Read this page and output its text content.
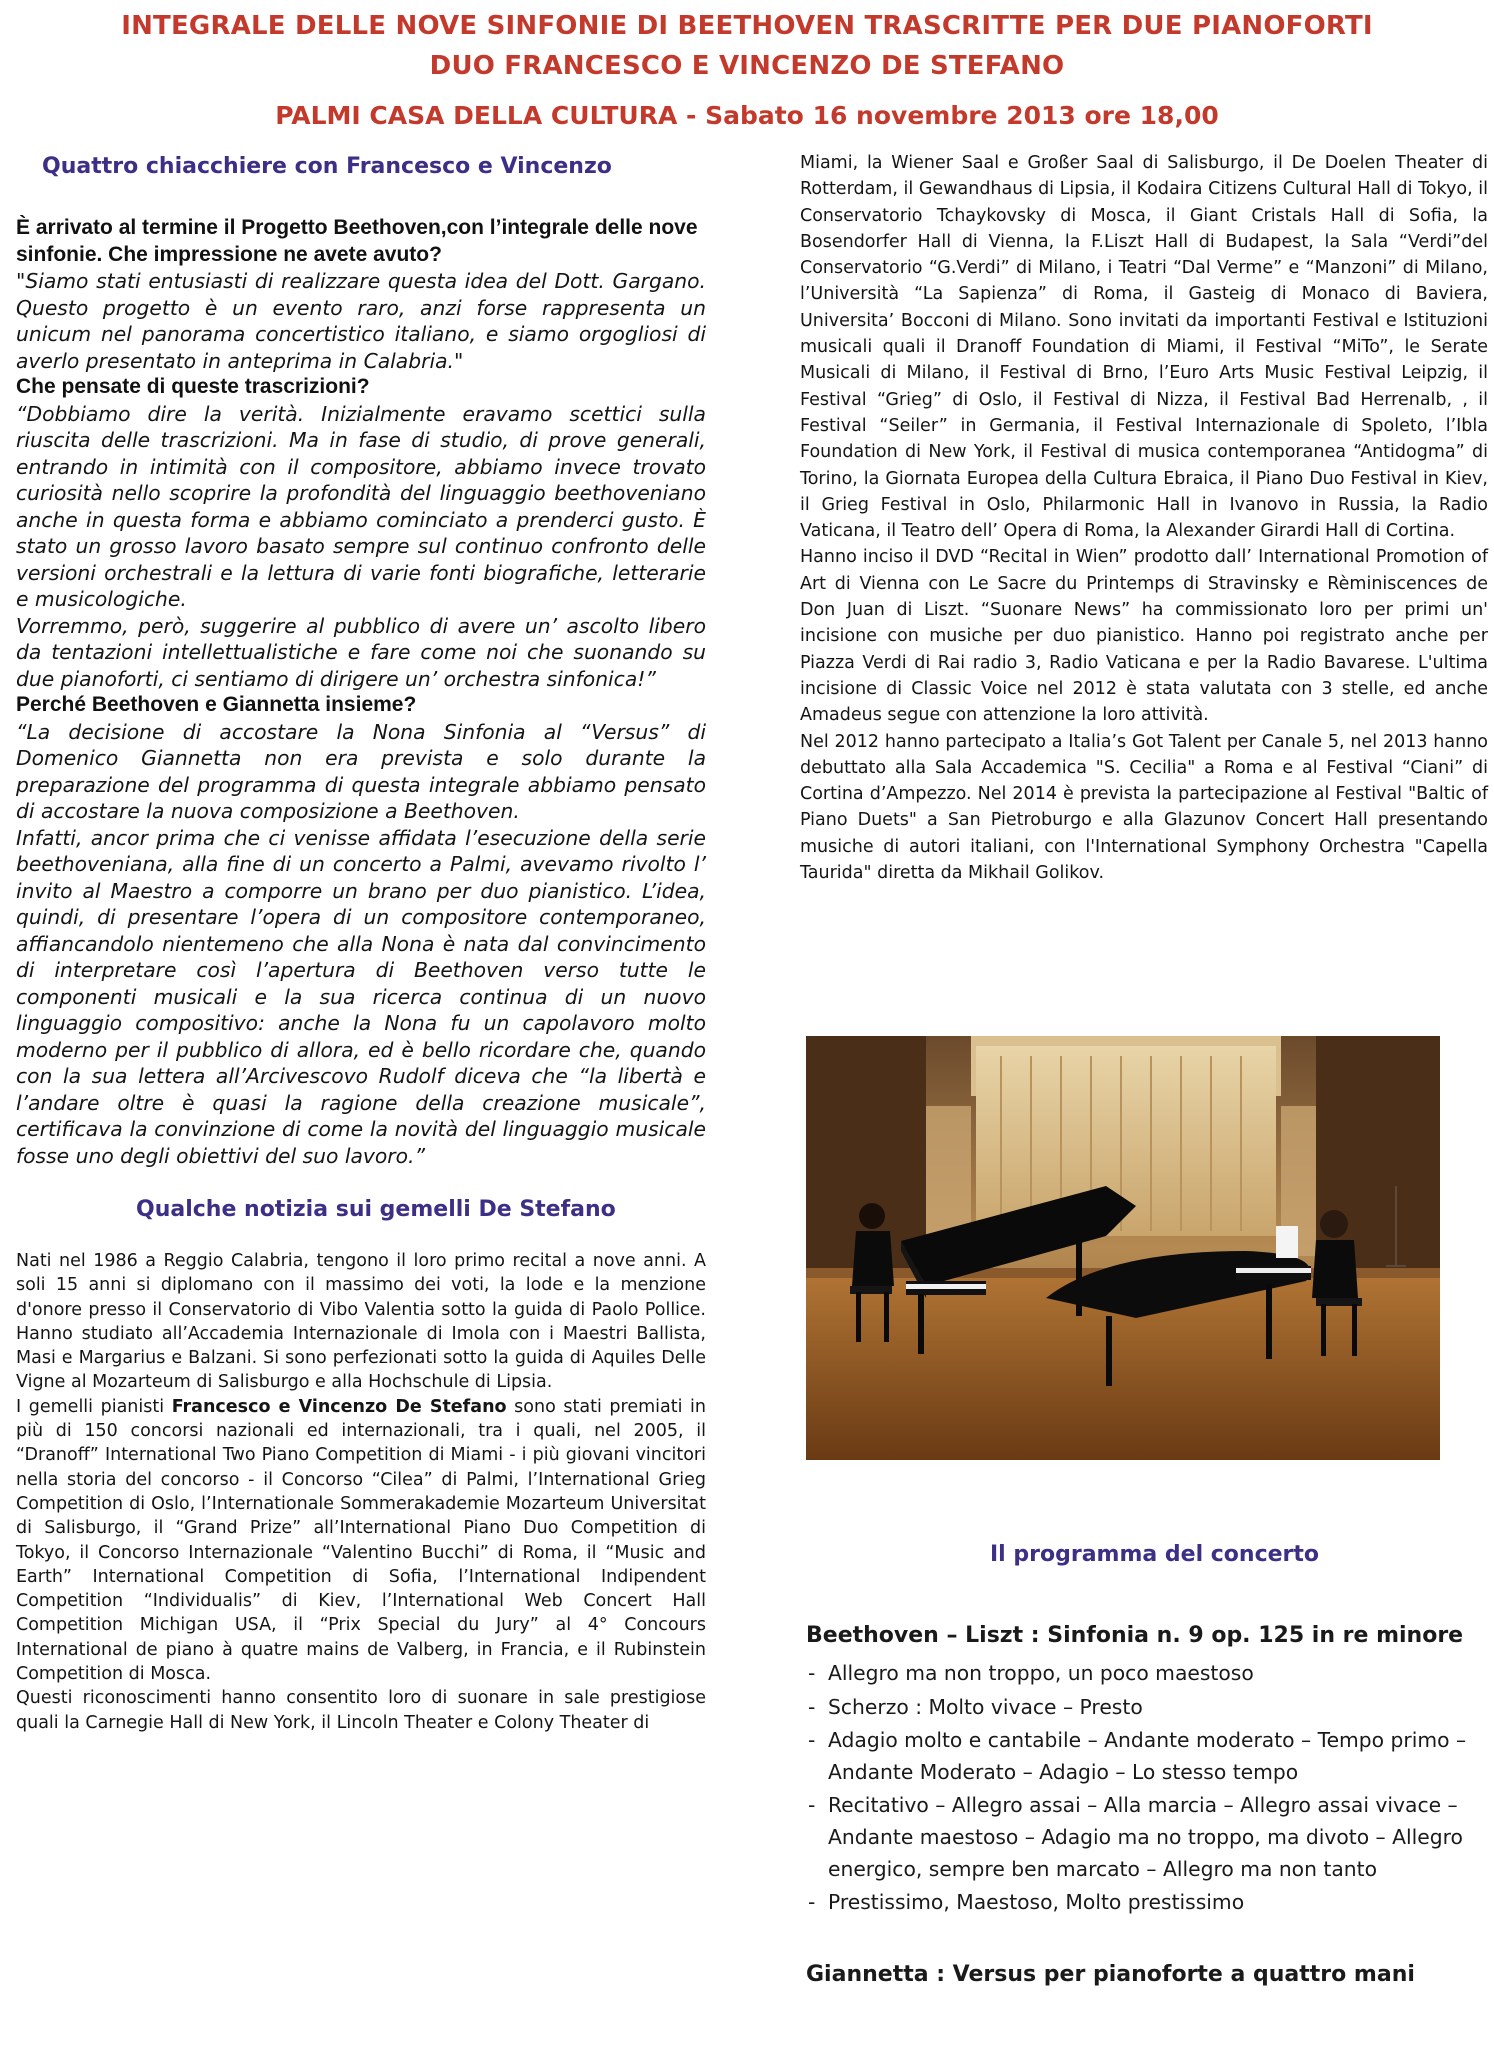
INTEGRALE DELLE NOVE SINFONIE DI BEETHOVEN TRASCRITTE PER DUE PIANOFORTI
DUO FRANCESCO E VINCENZO DE STEFANO
PALMI CASA DELLA CULTURA - Sabato 16 novembre 2013 ore 18,00
Quattro chiacchiere con Francesco e Vincenzo
È arrivato al termine il Progetto Beethoven,con l’integrale delle nove sinfonie. Che impressione ne avete avuto?
"Siamo stati entusiasti di realizzare questa idea del Dott. Gargano. Questo progetto è un evento raro, anzi forse rappresenta un unicum nel panorama concertistico italiano, e siamo orgogliosi di averlo presentato in anteprima in Calabria."
Che pensate di queste trascrizioni?
“Dobbiamo dire la verità. Inizialmente eravamo scettici sulla riuscita delle trascrizioni. Ma in fase di studio, di prove generali, entrando in intimità con il compositore, abbiamo invece trovato curiosità nello scoprire la profondità del linguaggio beethoveniano anche in questa forma e abbiamo cominciato a prenderci gusto. È stato un grosso lavoro basato sempre sul continuo confronto delle versioni orchestrali e la lettura di varie fonti biografiche, letterarie e musicologiche.
Vorremmo, però, suggerire al pubblico di avere un’ ascolto libero da tentazioni intellettualistiche e fare come noi che suonando su due pianoforti, ci sentiamo di dirigere un’ orchestra sinfonica!”
Perché Beethoven e Giannetta insieme?
“La decisione di accostare la Nona Sinfonia al “Versus” di Domenico Giannetta non era prevista e solo durante la preparazione del programma di questa integrale abbiamo pensato di accostare la nuova composizione a Beethoven.
Infatti, ancor prima che ci venisse affidata l’esecuzione della serie beethoveniana, alla fine di un concerto a Palmi, avevamo rivolto l’ invito al Maestro a comporre un brano per duo pianistico. L’idea, quindi, di presentare l’opera di un compositore contemporaneo, affiancandolo nientemeno che alla Nona è nata dal convincimento di interpretare così l’apertura di Beethoven verso tutte le componenti musicali e la sua ricerca continua di un nuovo linguaggio compositivo: anche la Nona fu un capolavoro molto moderno per il pubblico di allora, ed è bello ricordare che, quando con la sua lettera all’Arcivescovo Rudolf diceva che “la libertà e l’andare oltre è quasi la ragione della creazione musicale”, certificava la convinzione di come la novità del linguaggio musicale fosse uno degli obiettivi del suo lavoro.”
Qualche notizia sui gemelli De Stefano
Nati nel 1986 a Reggio Calabria, tengono il loro primo recital a nove anni. A soli 15 anni si diplomano con il massimo dei voti, la lode e la menzione d'onore presso il Conservatorio di Vibo Valentia sotto la guida di Paolo Pollice. Hanno studiato all’Accademia Internazionale di Imola con i Maestri Ballista, Masi e Margarius e Balzani. Si sono perfezionati sotto la guida di Aquiles Delle Vigne al Mozarteum di Salisburgo e alla Hochschule di Lipsia.
I gemelli pianisti Francesco e Vincenzo De Stefano sono stati premiati in più di 150 concorsi nazionali ed internazionali, tra i quali, nel 2005, il “Dranoff” International Two Piano Competition di Miami - i più giovani vincitori nella storia del concorso - il Concorso “Cilea” di Palmi, l’International Grieg Competition di Oslo, l’Internationale Sommerakademie Mozarteum Universitat di Salisburgo, il “Grand Prize” all’International Piano Duo Competition di Tokyo, il Concorso Internazionale “Valentino Bucchi” di Roma, il “Music and Earth” International Competition di Sofia, l’International Indipendent Competition “Individualis” di Kiev, l’International Web Concert Hall Competition Michigan USA, il “Prix Special du Jury” al 4° Concours International de piano à quatre mains de Valberg, in Francia, e il Rubinstein Competition di Mosca.
Questi riconoscimenti hanno consentito loro di suonare in sale prestigiose quali la Carnegie Hall di New York, il Lincoln Theater e Colony Theater di
Miami, la Wiener Saal e Großer Saal di Salisburgo, il De Doelen Theater di Rotterdam, il Gewandhaus di Lipsia, il Kodaira Citizens Cultural Hall di Tokyo, il Conservatorio Tchaykovsky di Mosca, il Giant Cristals Hall di Sofia, la Bosendorfer Hall di Vienna, la F.Liszt Hall di Budapest, la Sala “Verdi”del Conservatorio “G.Verdi” di Milano, i Teatri “Dal Verme” e “Manzoni” di Milano, l’Università “La Sapienza” di Roma, il Gasteig di Monaco di Baviera, Universita’ Bocconi di Milano. Sono invitati da importanti Festival e Istituzioni musicali quali il Dranoff Foundation di Miami, il Festival “MiTo”, le Serate Musicali di Milano, il Festival di Brno, l’Euro Arts Music Festival Leipzig, il Festival “Grieg” di Oslo, il Festival di Nizza, il Festival Bad Herrenalb, , il Festival “Seiler” in Germania, il Festival Internazionale di Spoleto, l’Ibla Foundation di New York, il Festival di musica contemporanea “Antidogma” di Torino, la Giornata Europea della Cultura Ebraica, il Piano Duo Festival in Kiev, il Grieg Festival in Oslo, Philarmonic Hall in Ivanovo in Russia, la Radio Vaticana, il Teatro dell’ Opera di Roma, la Alexander Girardi Hall di Cortina.
Hanno inciso il DVD “Recital in Wien” prodotto dall’ International Promotion of Art di Vienna con Le Sacre du Printemps di Stravinsky e Rèminiscences de Don Juan di Liszt. “Suonare News” ha commissionato loro per primi un' incisione con musiche per duo pianistico. Hanno poi registrato anche per Piazza Verdi di Rai radio 3, Radio Vaticana e per la Radio Bavarese. L'ultima incisione di Classic Voice nel 2012 è stata valutata con 3 stelle, ed anche Amadeus segue con attenzione la loro attività.
Nel 2012 hanno partecipato a Italia’s Got Talent per Canale 5, nel 2013 hanno debuttato alla Sala Accademica "S. Cecilia" a Roma e al Festival “Ciani” di Cortina d’Ampezzo. Nel 2014 è prevista la partecipazione al Festival "Baltic of Piano Duets" a San Pietroburgo e alla Glazunov Concert Hall presentando musiche di autori italiani, con l'International Symphony Orchestra "Capella Taurida" diretta da Mikhail Golikov.
Il programma del concerto
Beethoven – Liszt : Sinfonia n. 9 op. 125 in re minore
- Allegro ma non troppo, un poco maestoso
- Scherzo : Molto vivace – Presto
- Adagio molto e cantabile – Andante moderato – Tempo primo – Andante Moderato – Adagio – Lo stesso tempo
- Recitativo – Allegro assai – Alla marcia – Allegro assai vivace – Andante maestoso – Adagio ma no troppo, ma divoto – Allegro energico, sempre ben marcato – Allegro ma non tanto
- Prestissimo, Maestoso, Molto prestissimo
Giannetta : Versus per pianoforte a quattro mani
